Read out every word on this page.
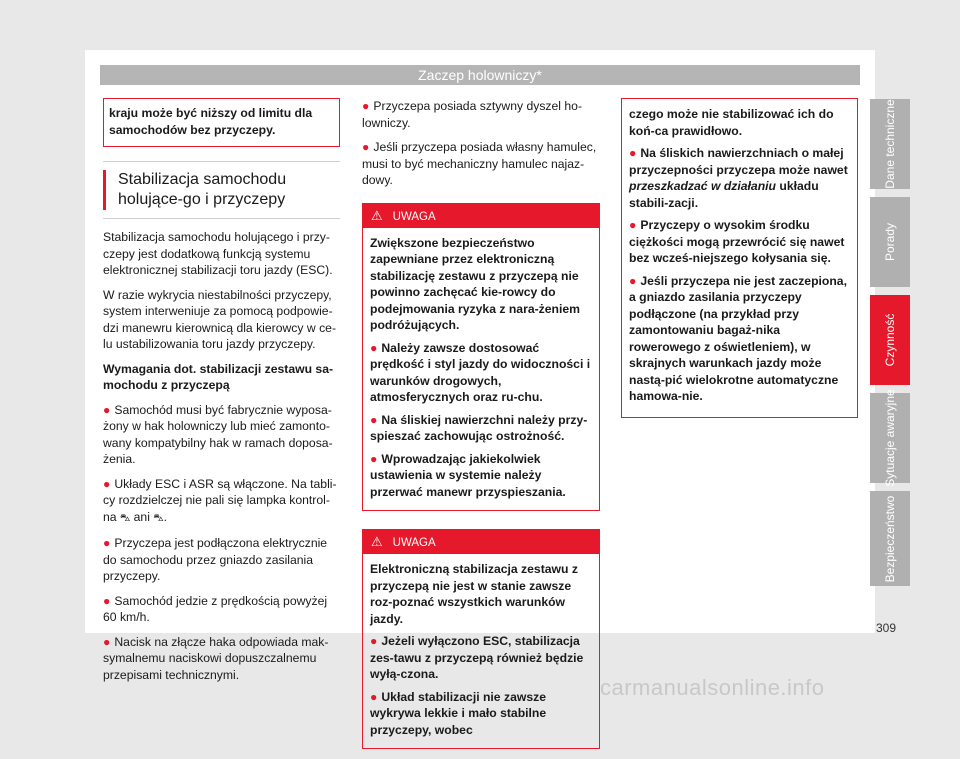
Zaczep holowniczy*
kraju może być niższy od limitu dla samochodów bez przyczepy.
Stabilizacja samochodu holujące-go i przyczepy

Stabilizacja samochodu holującego i przy-czepy jest dodatkową funkcją systemu elektronicznej stabilizacji toru jazdy (ESC).

W razie wykrycia niestabilności przyczepy, system interweniuje za pomocą podpowie-dzi manewru kierownicą dla kierowcy w ce-lu ustabilizowania toru jazdy przyczepy.

Wymagania dot. stabilizacji zestawu sa-mochodu z przyczepą

● Samochód musi być fabrycznie wyposa-żony w hak holowniczy lub mieć zamonto-wany kompatybilny hak w ramach doposa-żenia.

● Układy ESC i ASR są włączone. Na tabli-cy rozdzielczej nie pali się lampka kontrol-na ⛍ ani ⛍.

● Przyczepa jest podłączona elektrycznie do samochodu przez gniazdo zasilania przyczepy.

● Samochód jedzie z prędkością powyżej 60 km/h.

● Nacisk na złącze haka odpowiada mak-symalnemu naciskowi dopuszczalnemu przepisami technicznymi.

● Przyczepa posiada sztywny dyszel ho-lowniczy.

● Jeśli przyczepa posiada własny hamulec, musi to być mechaniczny hamulec najaz-dowy.

⚠ UWAGA

Zwiększone bezpieczeństwo zapewniane przez elektroniczną stabilizację zestawu z przyczepą nie powinno zachęcać kie-rowcy do podejmowania ryzyka z nara-żeniem podróżujących.

● Należy zawsze dostosować prędkość i styl jazdy do widoczności i warunków drogowych, atmosferycznych oraz ru-chu.

● Na śliskiej nawierzchni należy przy-spieszać zachowując ostrożność.

● Wprowadzając jakiekolwiek ustawienia w systemie należy przerwać manewr przyspieszania.

⚠ UWAGA

Elektroniczną stabilizacja zestawu z przyczepą nie jest w stanie zawsze roz-poznać wszystkich warunków jazdy.

● Jeżeli wyłączono ESC, stabilizacja zes-tawu z przyczepą również będzie wyłą-czona.

● Układ stabilizacji nie zawsze wykrywa lekkie i mało stabilne przyczepy, wobec

czego może nie stabilizować ich do koń-ca prawidłowo.

● Na śliskich nawierzchniach o małej przyczepności przyczepa może nawet przeszkadzać w działaniu układu stabili-zacji.

● Przyczepy o wysokim środku ciężkości mogą przewrócić się nawet bez wcześ-niejszego kołysania się.

● Jeśli przyczepa nie jest zaczepiona, a gniazdo zasilania przyczepy podłączone (na przykład przy zamontowaniu bagaż-nika rowerowego z oświetleniem), w skrajnych warunkach jazdy może nastą-pić wielokrotne automatyczne hamowa-nie.

Dane techniczne
Porady
Czynność
Sytuacje awaryjne
Bezpieczeństwo
309
carmanualsonline.info
